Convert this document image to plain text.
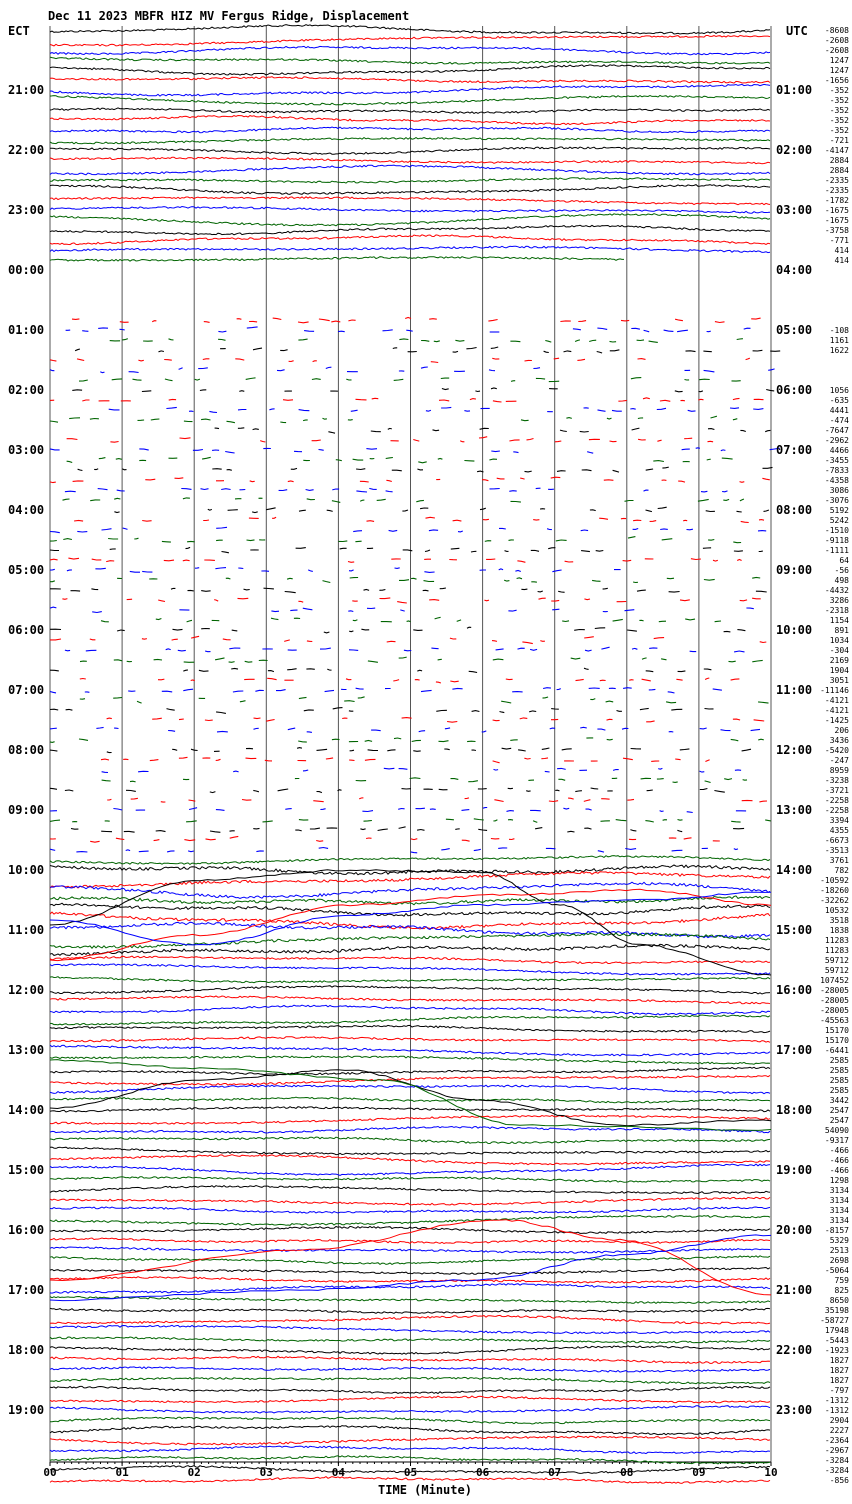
-8608
-2608
-2608
1247
1247
-1656
-352
-352
-352
-352
-352
-721
-4147
2884
2884
-2335
-2335
-1782
-1675
-1675
-3758
-771
414
414
-108
1161
1622
1056
-635
4441
-474
-7647
-2962
4466
-3455
-7833
-4358
3086
-3076
5192
5242
-1510
-9118
-1111
64
-56
498
-4432
3286
-2318
1154
891
1034
-304
2169
1904
3051
-11146
-4121
-4121
-1425
206
3436
-5420
-247
8959
-3238
-3721
-2258
-2258
3394
4355
-6673
-3513
3761
782
-10592
-18260
-32262
10532
3518
1838
11283
11283
59712
59712
107452
-28005
-28005
-28005
-45563
15170
15170
-6441
2585
2585
2585
2585
3442
2547
2547
54090
-9317
-466
-466
-466
1298
3134
3134
3134
3134
-8157
5329
2513
2698
-5064
759
825
8650
35198
-58727
17948
-5443
-1923
1827
1827
1827
-797
-1312
-1312
2904
2227
-2364
-2967
-3284
-3284
-856
21:00
22:00
23:00
00:00
01:00
02:00
03:00
04:00
05:00
06:00
07:00
08:00
09:00
10:00
11:00
12:00
13:00
14:00
15:00
16:00
17:00
18:00
19:00
01:00
02:00
03:00
04:00
05:00
06:00
07:00
08:00
09:00
10:00
11:00
12:00
13:00
14:00
15:00
16:00
17:00
18:00
19:00
20:00
21:00
22:00
23:00
00	01	02	03	04	05	06	07	08	09	10
Dec 11 2023 MBFR HIZ MV Fergus Ridge, Displacement
ECT	UTC
TIME (Minute)
